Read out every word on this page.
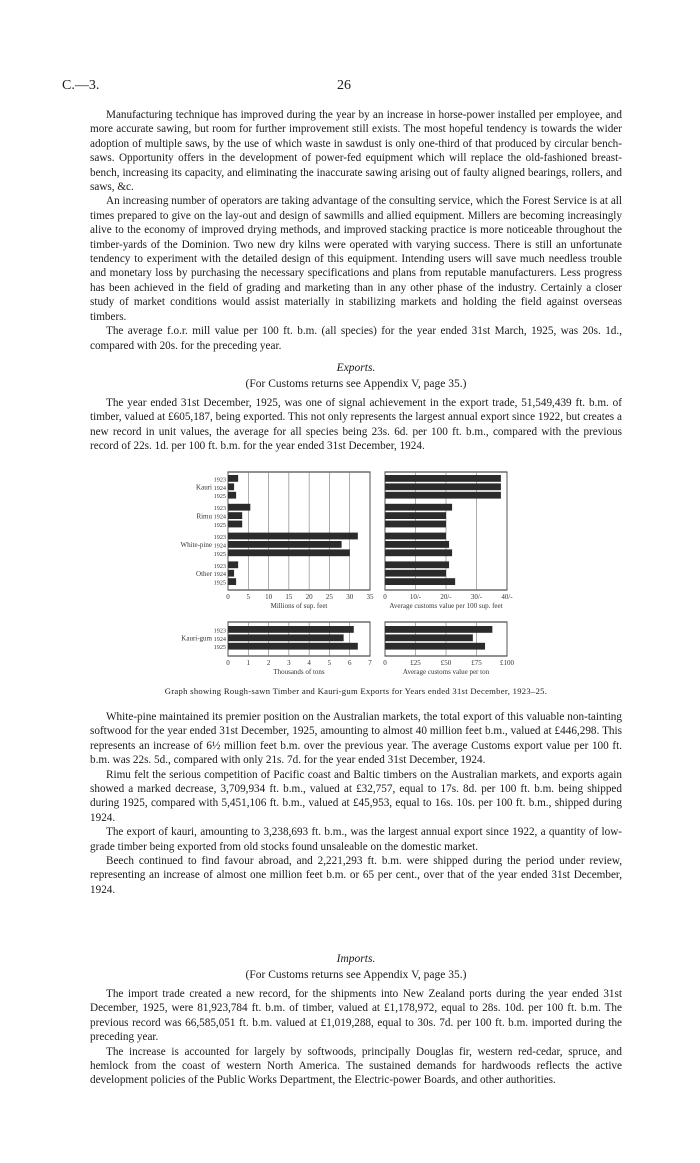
C.—3.	26

Manufacturing technique has improved during the year by an increase in horse-power installed per employee, and more accurate sawing, but room for further improvement still exists. The most hopeful tendency is towards the wider adoption of multiple saws, by the use of which waste in sawdust is only one-third of that produced by circular bench-saws. Opportunity offers in the development of power-fed equipment which will replace the old-fashioned breast-bench, increasing its capacity, and eliminating the inaccurate sawing arising out of faulty aligned bearings, rollers, and saws, &c.

An increasing number of operators are taking advantage of the consulting service, which the Forest Service is at all times prepared to give on the lay-out and design of sawmills and allied equipment. Millers are becoming increasingly alive to the economy of improved drying methods, and improved stacking practice is more noticeable throughout the timber-yards of the Dominion. Two new dry kilns were operated with varying success. There is still an unfortunate tendency to experiment with the detailed design of this equipment. Intending users will save much needless trouble and monetary loss by purchasing the necessary specifications and plans from reputable manufacturers. Less progress has been achieved in the field of grading and marketing than in any other phase of the industry. Certainly a closer study of market conditions would assist materially in stabilizing markets and holding the field against overseas timbers.

The average f.o.r. mill value per 100 ft. b.m. (all species) for the year ended 31st March, 1925, was 20s. 1d., compared with 20s. for the preceding year.

Exports.
(For Customs returns see Appendix V, page 35.)

The year ended 31st December, 1925, was one of signal achievement in the export trade, 51,549,439 ft. b.m. of timber, valued at £605,187, being exported. This not only represents the largest annual export since 1922, but creates a new record in unit values, the average for all species being 23s. 6d. per 100 ft. b.m., compared with the previous record of 22s. 1d. per 100 ft. b.m. for the year ended 31st December, 1924.

0 5 10 15 20 25 30 35
Millions of sup. feet
1923
1924
1925
Kauri
1923
1924
1925
Rimu
1923
1924
1925
White-pine
1923
1924
1925
Other
0	10/-	20/-	30/-	40/-
Average customs value per 100 sup. feet
0 1 2 3 4 5 6 7
Thousands of tons
1923
1924
1925
Kauri-gum
0	£25	£50	£75	£100
Average customs value per ton
Graph showing Rough-sawn Timber and Kauri-gum Exports for Years ended 31st December, 1923–25.

White-pine maintained its premier position on the Australian markets, the total export of this valuable non-tainting softwood for the year ended 31st December, 1925, amounting to almost 40 million feet b.m., valued at £446,298. This represents an increase of 6½ million feet b.m. over the previous year. The average Customs export value per 100 ft. b.m. was 22s. 5d., compared with only 21s. 7d. for the year ended 31st December, 1924.

Rimu felt the serious competition of Pacific coast and Baltic timbers on the Australian markets, and exports again showed a marked decrease, 3,709,934 ft. b.m., valued at £32,757, equal to 17s. 8d. per 100 ft. b.m. being shipped during 1925, compared with 5,451,106 ft. b.m., valued at £45,953, equal to 16s. 10s. per 100 ft. b.m., shipped during 1924.

The export of kauri, amounting to 3,238,693 ft. b.m., was the largest annual export since 1922, a quantity of low-grade timber being exported from old stocks found unsaleable on the domestic market.

Beech continued to find favour abroad, and 2,221,293 ft. b.m. were shipped during the period under review, representing an increase of almost one million feet b.m. or 65 per cent., over that of the year ended 31st December, 1924.

Imports.
(For Customs returns see Appendix V, page 35.)

The import trade created a new record, for the shipments into New Zealand ports during the year ended 31st December, 1925, were 81,923,784 ft. b.m. of timber, valued at £1,178,972, equal to 28s. 10d. per 100 ft. b.m. The previous record was 66,585,051 ft. b.m. valued at £1,019,288, equal to 30s. 7d. per 100 ft. b.m. imported during the preceding year.

The increase is accounted for largely by softwoods, principally Douglas fir, western red-cedar, spruce, and hemlock from the coast of western North America. The sustained demands for hardwoods reflects the active development policies of the Public Works Department, the Electric-power Boards, and other authorities.
